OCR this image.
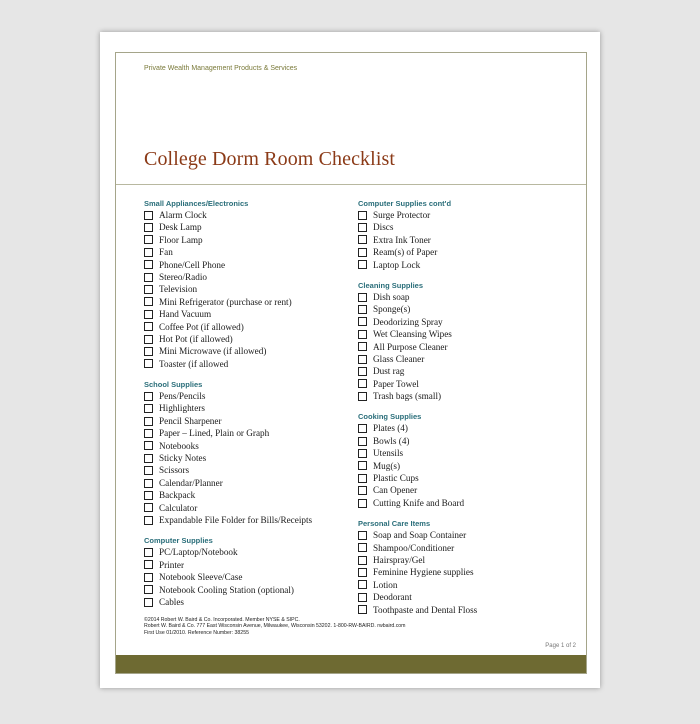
Private Wealth Management Products & Services
College Dorm Room Checklist
Small Appliances/Electronics
Alarm Clock
Desk Lamp
Floor Lamp
Fan
Phone/Cell Phone
Stereo/Radio
Television
Mini Refrigerator (purchase or rent)
Hand Vacuum
Coffee Pot (if allowed)
Hot Pot (if allowed)
Mini Microwave (if allowed)
Toaster (if allowed
School Supplies
Pens/Pencils
Highlighters
Pencil Sharpener
Paper – Lined, Plain or Graph
Notebooks
Sticky Notes
Scissors
Calendar/Planner
Backpack
Calculator
Expandable File Folder for Bills/Receipts
Computer Supplies
PC/Laptop/Notebook
Printer
Notebook Sleeve/Case
Notebook Cooling Station (optional)
Cables
Computer Supplies cont'd
Surge Protector
Discs
Extra Ink Toner
Ream(s) of Paper
Laptop Lock
Cleaning Supplies
Dish soap
Sponge(s)
Deodorizing Spray
Wet Cleansing Wipes
All Purpose Cleaner
Glass Cleaner
Dust rag
Paper Towel
Trash bags (small)
Cooking Supplies
Plates (4)
Bowls (4)
Utensils
Mug(s)
Plastic Cups
Can Opener
Cutting Knife and Board
Personal Care Items
Soap and Soap Container
Shampoo/Conditioner
Hairspray/Gel
Feminine Hygiene supplies
Lotion
Deodorant
Toothpaste and Dental Floss
©2014 Robert W. Baird & Co. Incorporated. Member NYSE & SIPC.
Robert W. Baird & Co. 777 East Wisconsin Avenue, Milwaukee, Wisconsin 53202. 1-800-RW-BAIRD. rwbaird.com
First Use 01/2010. Reference Number: 38255
Page 1 of 2
